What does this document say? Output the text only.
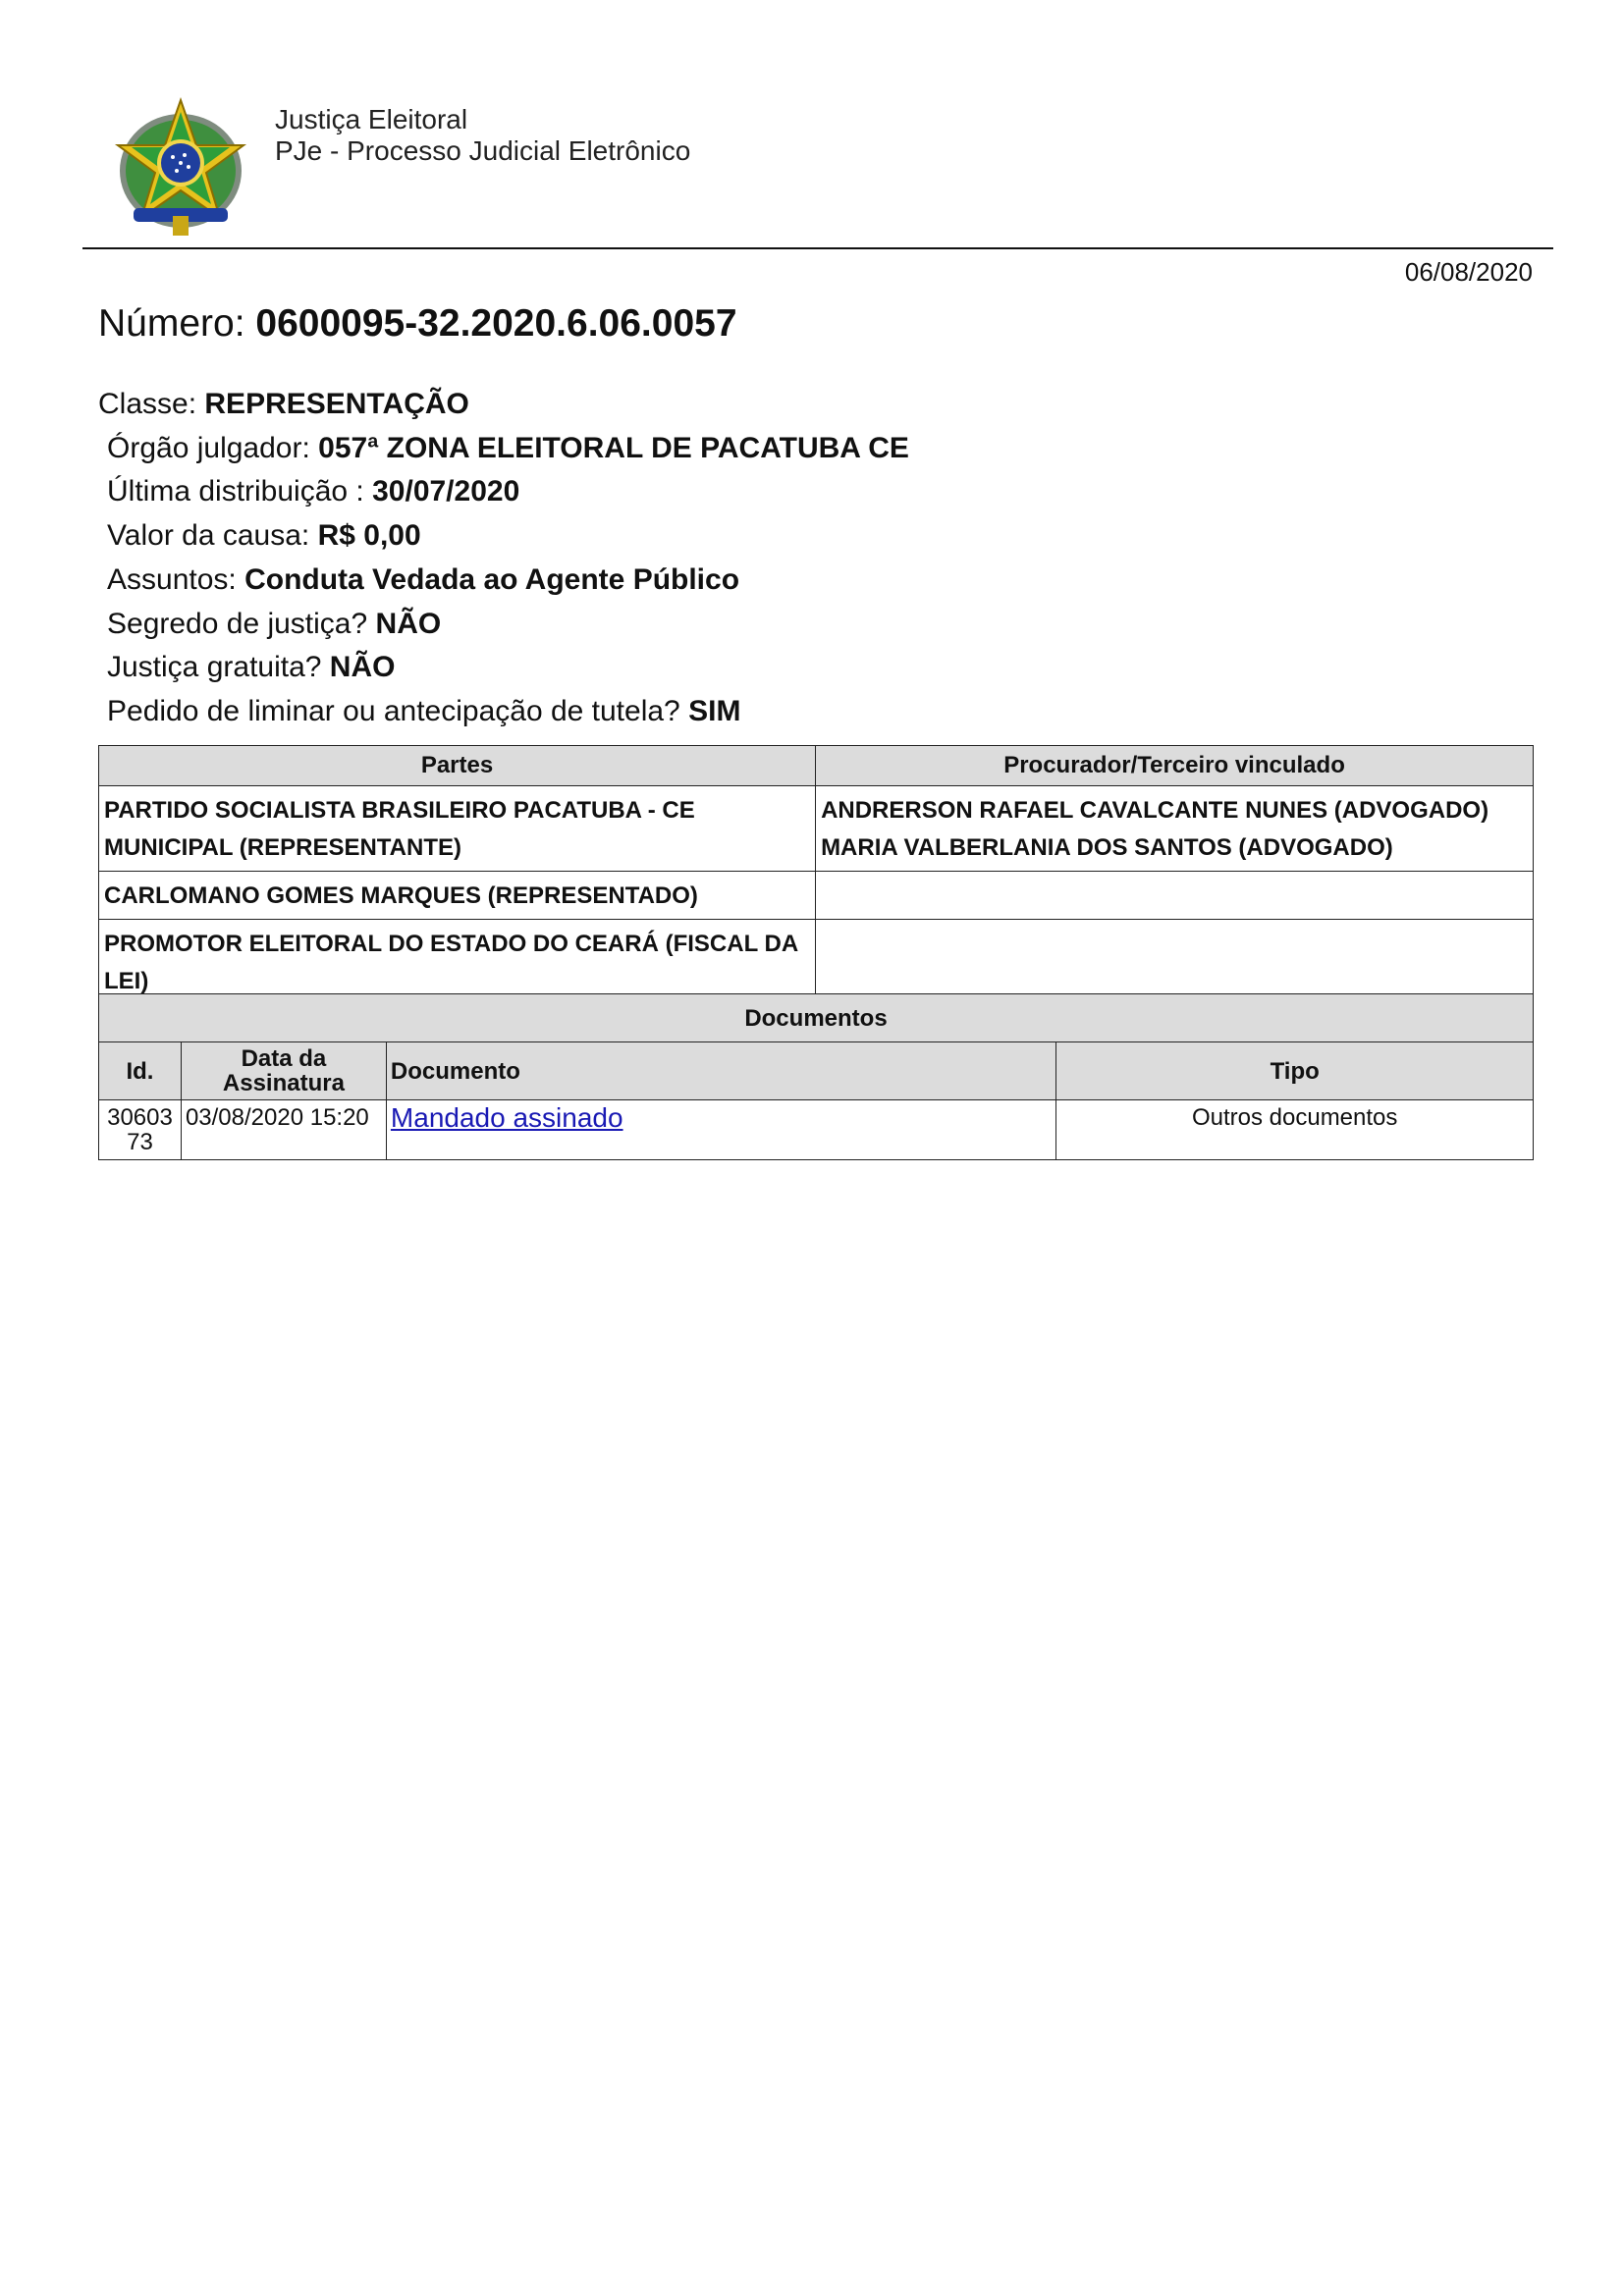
Justiça Eleitoral
PJe - Processo Judicial Eletrônico
06/08/2020
Número: 0600095-32.2020.6.06.0057
Classe: REPRESENTAÇÃO
Órgão julgador: 057ª ZONA ELEITORAL DE PACATUBA CE
Última distribuição : 30/07/2020
Valor da causa: R$ 0,00
Assuntos: Conduta Vedada ao Agente Público
Segredo de justiça? NÃO
Justiça gratuita? NÃO
Pedido de liminar ou antecipação de tutela? SIM
Partes	Procurador/Terceiro vinculado
PARTIDO SOCIALISTA BRASILEIRO PACATUBA - CE MUNICIPAL (REPRESENTANTE)	ANDRERSON RAFAEL CAVALCANTE NUNES (ADVOGADO)
MARIA VALBERLANIA DOS SANTOS (ADVOGADO)

CARLOMANO GOMES MARQUES (REPRESENTADO)	
PROMOTOR ELEITORAL DO ESTADO DO CEARÁ (FISCAL DA LEI)	
Documentos			
Id.	Data da Assinatura	Documento	Tipo
3060373	03/08/2020 15:20	Mandado assinado	Outros documentos
